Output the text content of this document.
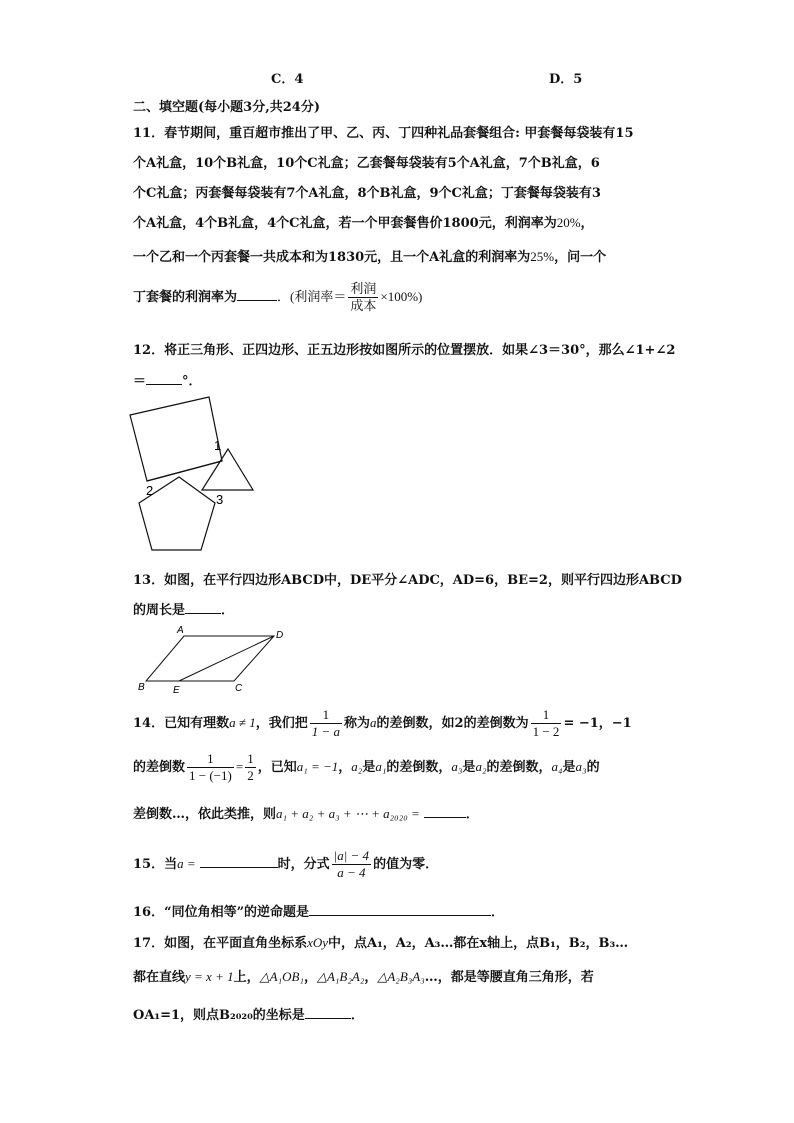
C．4	D．5
二、填空题(每小题3分,共24分)
11．春节期间，重百超市推出了甲、乙、丙、丁四种礼品套餐组合: 甲套餐每袋装有15
个A礼盒，10个B礼盒，10个C礼盒；乙套餐每袋装有5个A礼盒，7个B礼盒，6
个C礼盒；丙套餐每袋装有7个A礼盒，8个B礼盒，9个C礼盒；丁套餐每袋装有3
个A礼盒，4个B礼盒，4个C礼盒，若一个甲套餐售价1800元，利润率为20%，
一个乙和一个丙套餐一共成本和为1830元，且一个A礼盒的利润率为25%，问一个
丁套餐的利润率为	．(利润率＝ $\frac{\text{利润}}{\text{成本}} \times 100\%$)
12．将正三角形、正四边形、正五边形按如图所示的位置摆放．如果∠3＝30°，那么∠1+∠2
＝	°．
1
2
3
13．如图，在平行四边形ABCD中，DE平分∠ADC，AD=6，BE=2，则平行四边形ABCD
的周长是	．
A	D
B	E	C
14．已知有理数a ≠ 1，我们把 $\frac{1}{1 - a}$ 称为a的差倒数，如2的差倒数为 $\frac{1}{1 - 2} = -1$，−1
的差倒数 $\frac{1}{1 - (-1)} = \frac{1}{2}$ ，已知a₁ = −1，a₂是a₁的差倒数，a₃是a₂的差倒数，a₄是a₃的
差倒数…，依此类推，则a₁ + a₂ + a₃ + ⋯ + a₂₀₂₀ =	．
15．当a =	时，分式 $\frac{|a| - 4}{a - 4}$ 的值为零．
16．“同位角相等”的逆命题是	．
17．如图，在平面直角坐标系xOy中，点A₁，A₂，A₃…都在x轴上，点B₁，B₂，B₃…
都在直线y = x + 1上，△A₁OB₁，△A₁B₂A₂，△A₂B₃A₃…，都是等腰直角三角形，若
OA₁=1，则点B₂₀₂₀的坐标是	．
